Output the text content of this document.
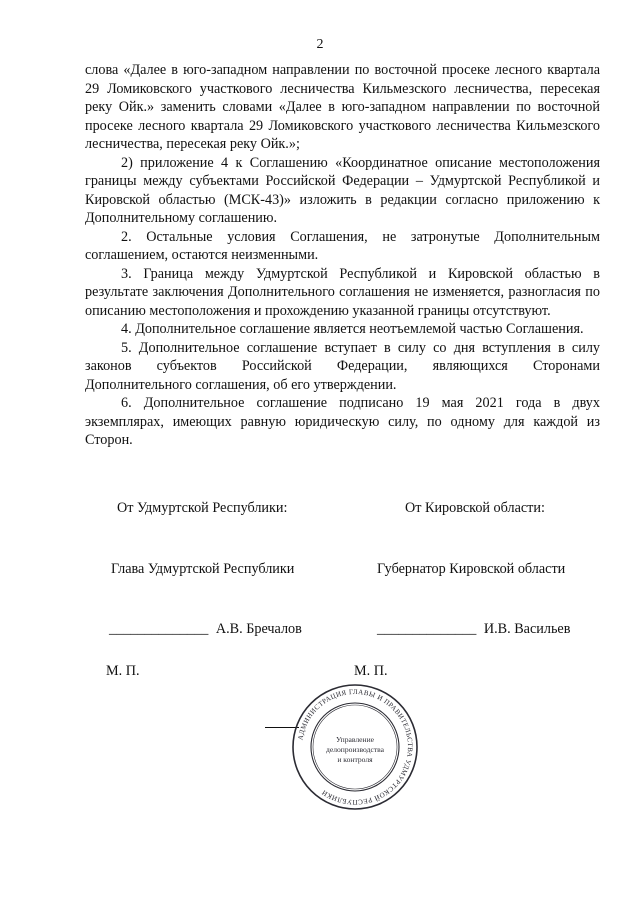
2

слова «Далее в юго-западном направлении по восточной просеке лесного квартала 29 Ломиковского участкового лесничества Кильмезского лесничества, пересекая реку Ойк.» заменить словами «Далее в юго-западном направлении по восточной просеке лесного квартала 29 Ломиковского участкового лесничества Кильмезского лесничества, пересекая реку Ойк.»;

2) приложение 4 к Соглашению «Координатное описание местоположения границы между субъектами Российской Федерации – Удмуртской Республикой и Кировской областью (МСК-43)» изложить в редакции согласно приложению к Дополнительному соглашению.

2. Остальные условия Соглашения, не затронутые Дополнительным соглашением, остаются неизменными.

3. Граница между Удмуртской Республикой и Кировской областью в результате заключения Дополнительного соглашения не изменяется, разногласия по описанию местоположения и прохождению указанной границы отсутствуют.

4. Дополнительное соглашение является неотъемлемой частью Соглашения.

5. Дополнительное соглашение вступает в силу со дня вступления в силу законов субъектов Российской Федерации, являющихся Сторонами Дополнительного соглашения, об его утверждении.

6. Дополнительное соглашение подписано 19 мая 2021 года в двух экземплярах, имеющих равную юридическую силу, по одному для каждой из Сторон.

От Удмуртской Республики:
Глава Удмуртской Республики
______________ А.В. Бречалов
М. П.
От Кировской области:
Губернатор Кировской области
______________ И.В. Васильев
М. П.
АДМИНИСТРАЦИЯ ГЛАВЫ И ПРАВИТЕЛЬСТВА УДМУРТСКОЙ РЕСПУБЛИКИ
Управление
делопроизводства
и контроля
